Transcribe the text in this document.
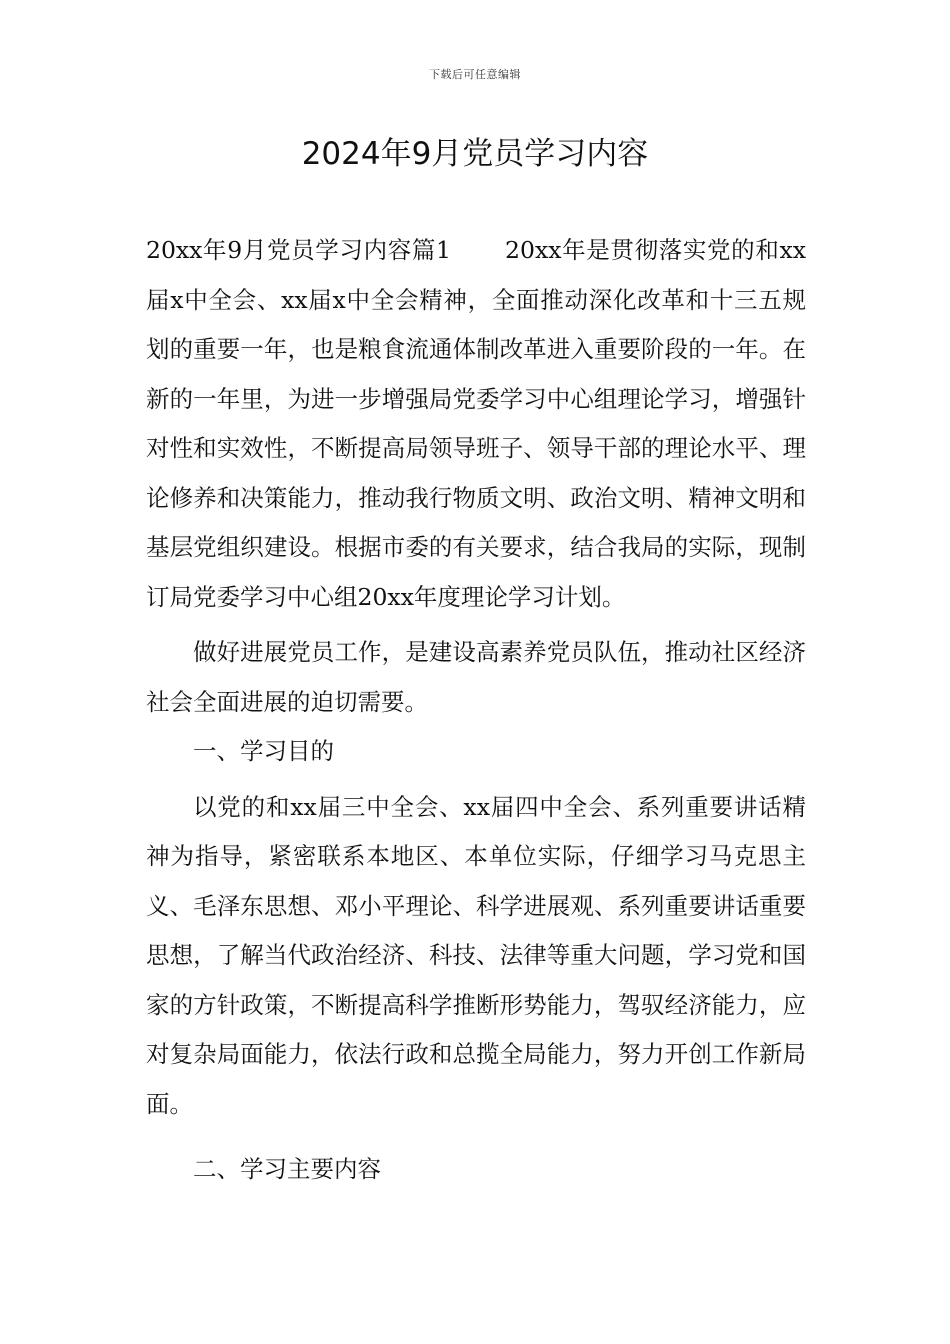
下载后可任意编辑
2024年9月党员学习内容

20xx年9月党员学习内容篇1 20xx年是贯彻落实党的和xx届x中全会、xx届x中全会精神，全面推动深化改革和十三五规划的重要一年，也是粮食流通体制改革进入重要阶段的一年。在新的一年里，为进一步增强局党委学习中心组理论学习，增强针对性和实效性，不断提高局领导班子、领导干部的理论水平、理论修养和决策能力，推动我行物质文明、政治文明、精神文明和基层党组织建设。根据市委的有关要求，结合我局的实际，现制订局党委学习中心组20xx年度理论学习计划。

做好进展党员工作，是建设高素养党员队伍，推动社区经济社会全面进展的迫切需要。

一、学习目的

以党的和xx届三中全会、xx届四中全会、系列重要讲话精神为指导，紧密联系本地区、本单位实际，仔细学习马克思主义、毛泽东思想、邓小平理论、科学进展观、系列重要讲话重要思想，了解当代政治经济、科技、法律等重大问题，学习党和国家的方针政策，不断提高科学推断形势能力，驾驭经济能力，应对复杂局面能力，依法行政和总揽全局能力，努力开创工作新局面。

二、学习主要内容
